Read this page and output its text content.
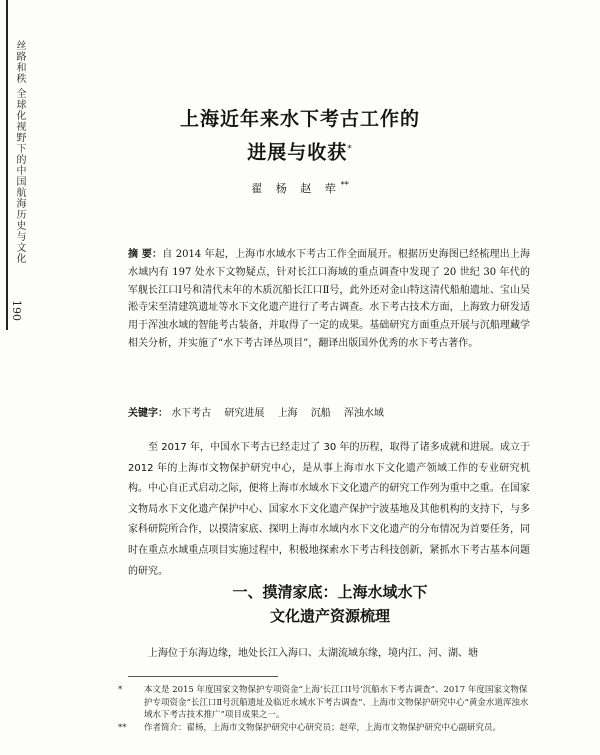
丝路和秩 全球化视野下的中国航海历史与文化
190
上海近年来水下考古工作的
进展与收获*
翟 杨 赵 荦**

摘 要：自 2014 年起，上海市水域水下考古工作全面展开。根据历史海图已经梳理出上海水域内有 197 处水下文物疑点，针对长江口海域的重点调查中发现了 20 世纪 30 年代的军舰长江口Ⅰ号和清代末年的木质沉船长江口Ⅱ号，此外还对金山特这清代船舶遗址、宝山吴淞寺宋至清建筑遗址等水下文化遗产进行了考古调查。水下考古技术方面，上海致力研发适用于浑浊水域的智能考古装备，并取得了一定的成果。基础研究方面重点开展与沉船理藏学相关分析，并实施了“水下考古译丛项目”，翻译出版国外优秀的水下考古著作。

关键字： 水下考古 研究进展 上海 沉船 浑浊水域

至 2017 年，中国水下考古已经走过了 30 年的历程，取得了诸多成就和进展。成立于 2012 年的上海市文物保护研究中心，是从事上海市水下文化遗产领域工作的专业研究机构。中心自正式启动之际，便将上海市水域水下文化遗产的研究工作列为重中之重。在国家文物局水下文化遗产保护中心、国家水下文化遗产保护宁波基地及其他机构的支持下，与多家科研院所合作，以摸清家底、探明上海市水域内水下文化遗产的分布情况为首要任务，同时在重点水域重点项目实施过程中，积极地探索水下考古科技创新，紧抓水下考古基本问题的研究。

一、摸清家底：上海水域水下
文化遗产资源梳理

上海位于东海边缘，地处长江入海口、太湖流域东缘，境内江、河、湖、塘

*	本文是 2015 年度国家文物保护专项资金“上海‘长江口Ⅰ号’沉船水下考古调查”、2017 年度国家文物保护专项资金“长江口Ⅱ号沉船遗址及临近水域水下考古调查”、上海市文物保护研究中心“黄金水道浑浊水域水下考古技术推广”项目成果之一。
**	作者简介：翟杨，上海市文物保护研究中心研究员；赵荦，上海市文物保护研究中心副研究员。
